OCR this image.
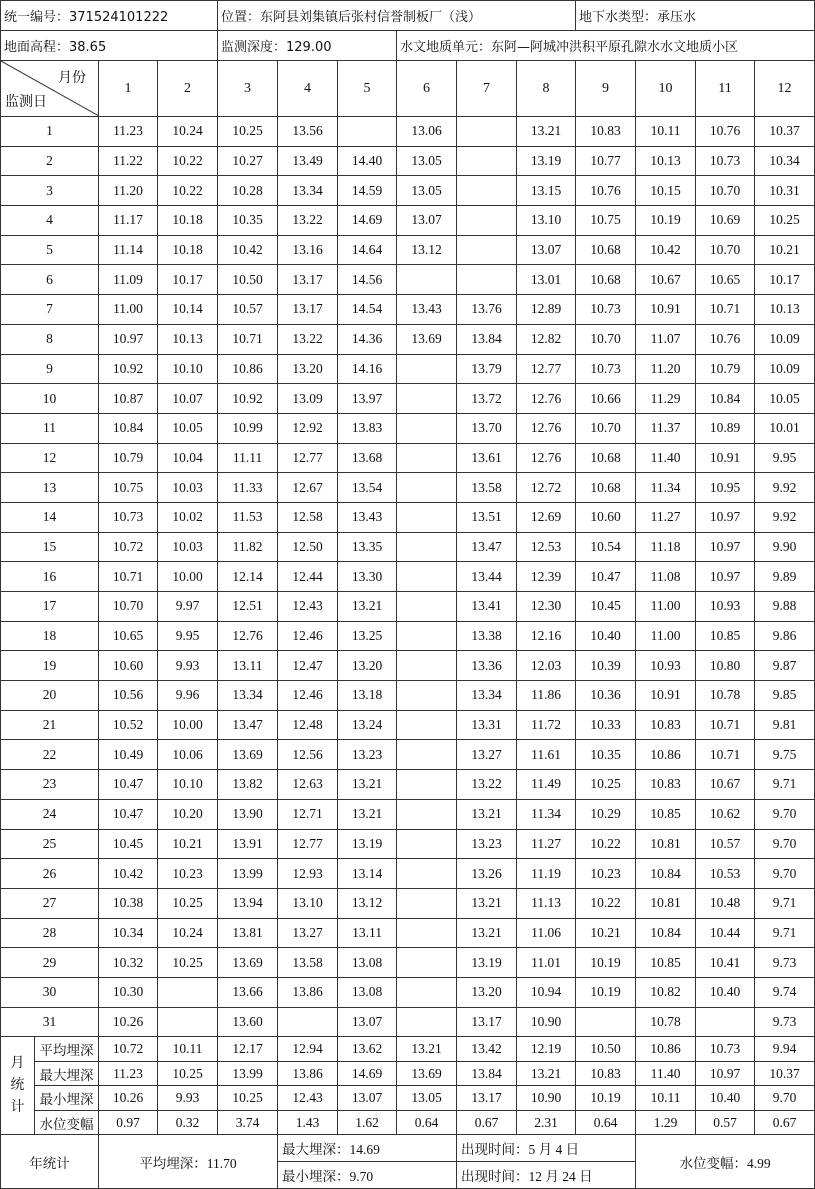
统一编号：371524101222				位置：东阿县刘集镇后张村信誉制板厂（浅）						地下水类型：承压水			
地面高程：38.65				监测深度：129.00			水文地质单元：东阿—阿城冲洪积平原孔隙水水文地质小区						

月份
监测日		1	2	3	4	5	6	7	8	9	10	11	12
1		11.23	10.24	10.25	13.56		13.06		13.21	10.83	10.11	10.76	10.37
2		11.22	10.22	10.27	13.49	14.40	13.05		13.19	10.77	10.13	10.73	10.34
3		11.20	10.22	10.28	13.34	14.59	13.05		13.15	10.76	10.15	10.70	10.31
4		11.17	10.18	10.35	13.22	14.69	13.07		13.10	10.75	10.19	10.69	10.25
5		11.14	10.18	10.42	13.16	14.64	13.12		13.07	10.68	10.42	10.70	10.21
6		11.09	10.17	10.50	13.17	14.56			13.01	10.68	10.67	10.65	10.17
7		11.00	10.14	10.57	13.17	14.54	13.43	13.76	12.89	10.73	10.91	10.71	10.13
8		10.97	10.13	10.71	13.22	14.36	13.69	13.84	12.82	10.70	11.07	10.76	10.09
9		10.92	10.10	10.86	13.20	14.16		13.79	12.77	10.73	11.20	10.79	10.09
10		10.87	10.07	10.92	13.09	13.97		13.72	12.76	10.66	11.29	10.84	10.05
11		10.84	10.05	10.99	12.92	13.83		13.70	12.76	10.70	11.37	10.89	10.01
12		10.79	10.04	11.11	12.77	13.68		13.61	12.76	10.68	11.40	10.91	9.95
13		10.75	10.03	11.33	12.67	13.54		13.58	12.72	10.68	11.34	10.95	9.92
14		10.73	10.02	11.53	12.58	13.43		13.51	12.69	10.60	11.27	10.97	9.92
15		10.72	10.03	11.82	12.50	13.35		13.47	12.53	10.54	11.18	10.97	9.90
16		10.71	10.00	12.14	12.44	13.30		13.44	12.39	10.47	11.08	10.97	9.89
17		10.70	9.97	12.51	12.43	13.21		13.41	12.30	10.45	11.00	10.93	9.88
18		10.65	9.95	12.76	12.46	13.25		13.38	12.16	10.40	11.00	10.85	9.86
19		10.60	9.93	13.11	12.47	13.20		13.36	12.03	10.39	10.93	10.80	9.87
20		10.56	9.96	13.34	12.46	13.18		13.34	11.86	10.36	10.91	10.78	9.85
21		10.52	10.00	13.47	12.48	13.24		13.31	11.72	10.33	10.83	10.71	9.81
22		10.49	10.06	13.69	12.56	13.23		13.27	11.61	10.35	10.86	10.71	9.75
23		10.47	10.10	13.82	12.63	13.21		13.22	11.49	10.25	10.83	10.67	9.71
24		10.47	10.20	13.90	12.71	13.21		13.21	11.34	10.29	10.85	10.62	9.70
25		10.45	10.21	13.91	12.77	13.19		13.23	11.27	10.22	10.81	10.57	9.70
26		10.42	10.23	13.99	12.93	13.14		13.26	11.19	10.23	10.84	10.53	9.70
27		10.38	10.25	13.94	13.10	13.12		13.21	11.13	10.22	10.81	10.48	9.71
28		10.34	10.24	13.81	13.27	13.11		13.21	11.06	10.21	10.84	10.44	9.71
29		10.32	10.25	13.69	13.58	13.08		13.19	11.01	10.19	10.85	10.41	9.73
30		10.30		13.66	13.86	13.08		13.20	10.94	10.19	10.82	10.40	9.74
31		10.26		13.60		13.07		13.17	10.90		10.78		9.73
月
统
计	平均埋深	10.72	10.11	12.17	12.94	13.62	13.21	13.42	12.19	10.50	10.86	10.73	9.94
	最大埋深	11.23	10.25	13.99	13.86	14.69	13.69	13.84	13.21	10.83	11.40	10.97	10.37
	最小埋深	10.26	9.93	10.25	12.43	13.07	13.05	13.17	10.90	10.19	10.11	10.40	9.70
	水位变幅	0.97	0.32	3.74	1.43	1.62	0.64	0.67	2.31	0.64	1.29	0.57	0.67
年统计		平均埋深：11.70			最大埋深：14.69			出现时间：5 月 4 日			水位变幅：4.99		
					最小埋深：9.70			出现时间：12 月 24 日					
